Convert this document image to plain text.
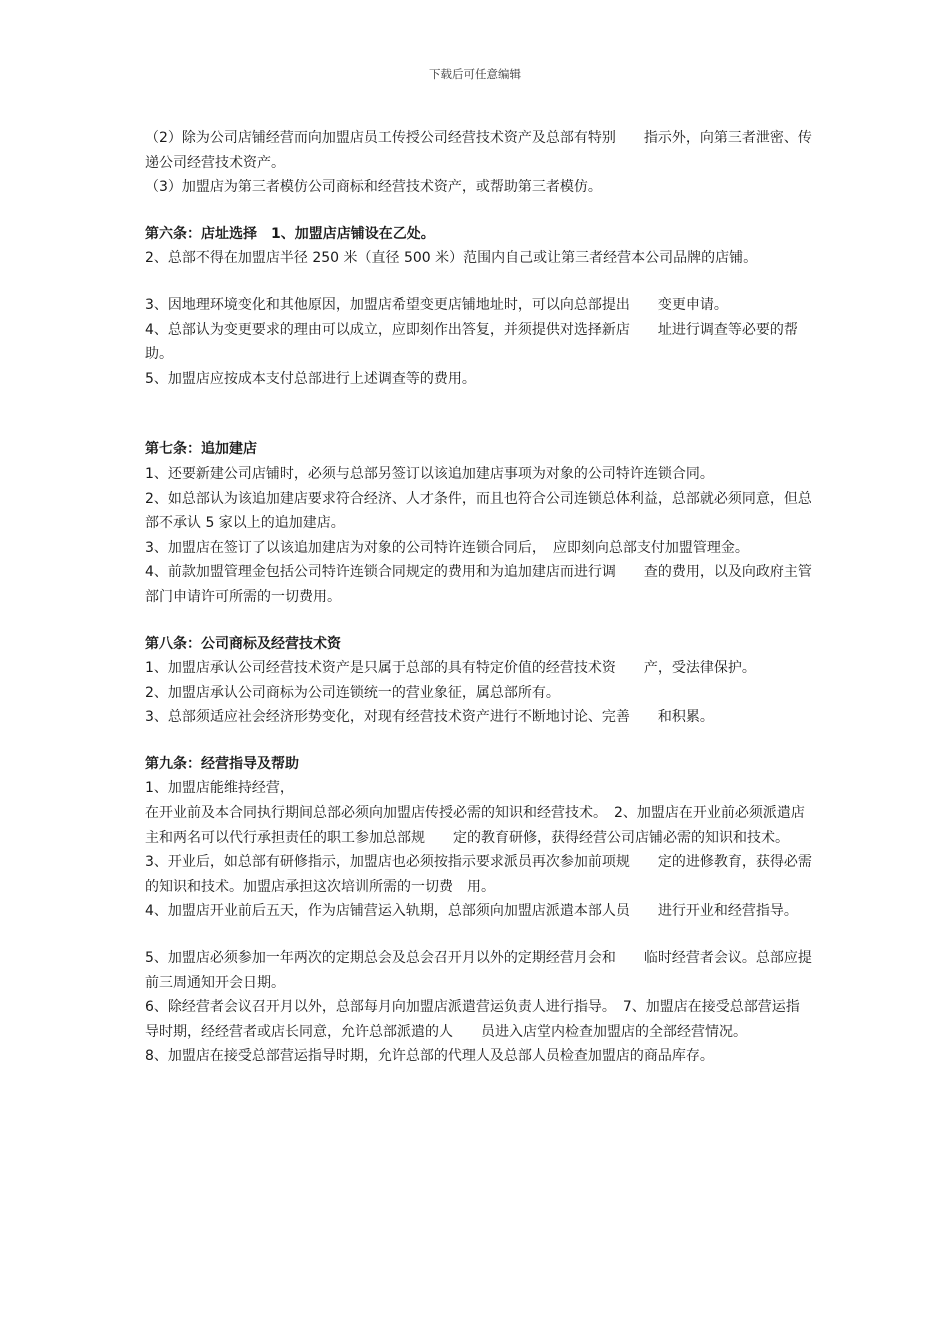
下载后可任意编辑

（2）除为公司店铺经营而向加盟店员工传授公司经营技术资产及总部有特别　　指示外，向第三者泄密、传递公司经营技术资产。

（3）加盟店为第三者模仿公司商标和经营技术资产，或帮助第三者模仿。

第六条：店址选择　1、加盟店店铺设在乙处。

2、总部不得在加盟店半径 250 米（直径 500 米）范围内自己或让第三者经营本公司品牌的店铺。

3、因地理环境变化和其他原因，加盟店希望变更店铺地址时，可以向总部提出　　变更申请。

4、总部认为变更要求的理由可以成立，应即刻作出答复，并须提供对选择新店　　址进行调查等必要的帮助。

5、加盟店应按成本支付总部进行上述调查等的费用。

第七条：追加建店

1、还要新建公司店铺时，必须与总部另签订以该追加建店事项为对象的公司特许连锁合同。

2、如总部认为该追加建店要求符合经济、人才条件，而且也符合公司连锁总体利益，总部就必须同意，但总部不承认 5 家以上的追加建店。

3、加盟店在签订了以该追加建店为对象的公司特许连锁合同后，　应即刻向总部支付加盟管理金。

4、前款加盟管理金包括公司特许连锁合同规定的费用和为追加建店而进行调　　查的费用，以及向政府主管部门申请许可所需的一切费用。

第八条：公司商标及经营技术资

1、加盟店承认公司经营技术资产是只属于总部的具有特定价值的经营技术资　　产，受法律保护。

2、加盟店承认公司商标为公司连锁统一的营业象征，属总部所有。

3、总部须适应社会经济形势变化，对现有经营技术资产进行不断地讨论、完善　　和积累。

第九条：经营指导及帮助

1、加盟店能维持经营，

在开业前及本合同执行期间总部必须向加盟店传授必需的知识和经营技术。　2、加盟店在开业前必须派遣店主和两名可以代行承担责任的职工参加总部规　　定的教育研修，获得经营公司店铺必需的知识和技术。

3、开业后，如总部有研修指示，加盟店也必须按指示要求派员再次参加前项规　　定的进修教育，获得必需的知识和技术。加盟店承担这次培训所需的一切费　用。

4、加盟店开业前后五天，作为店铺营运入轨期，总部须向加盟店派遣本部人员　　进行开业和经营指导。

5、加盟店必须参加一年两次的定期总会及总会召开月以外的定期经营月会和　　临时经营者会议。总部应提前三周通知开会日期。

6、除经营者会议召开月以外，总部每月向加盟店派遣营运负责人进行指导。　7、加盟店在接受总部营运指导时期，经经营者或店长同意，允许总部派遣的人　　员进入店堂内检查加盟店的全部经营情况。

8、加盟店在接受总部营运指导时期，允许总部的代理人及总部人员检查加盟店的商品库存。
